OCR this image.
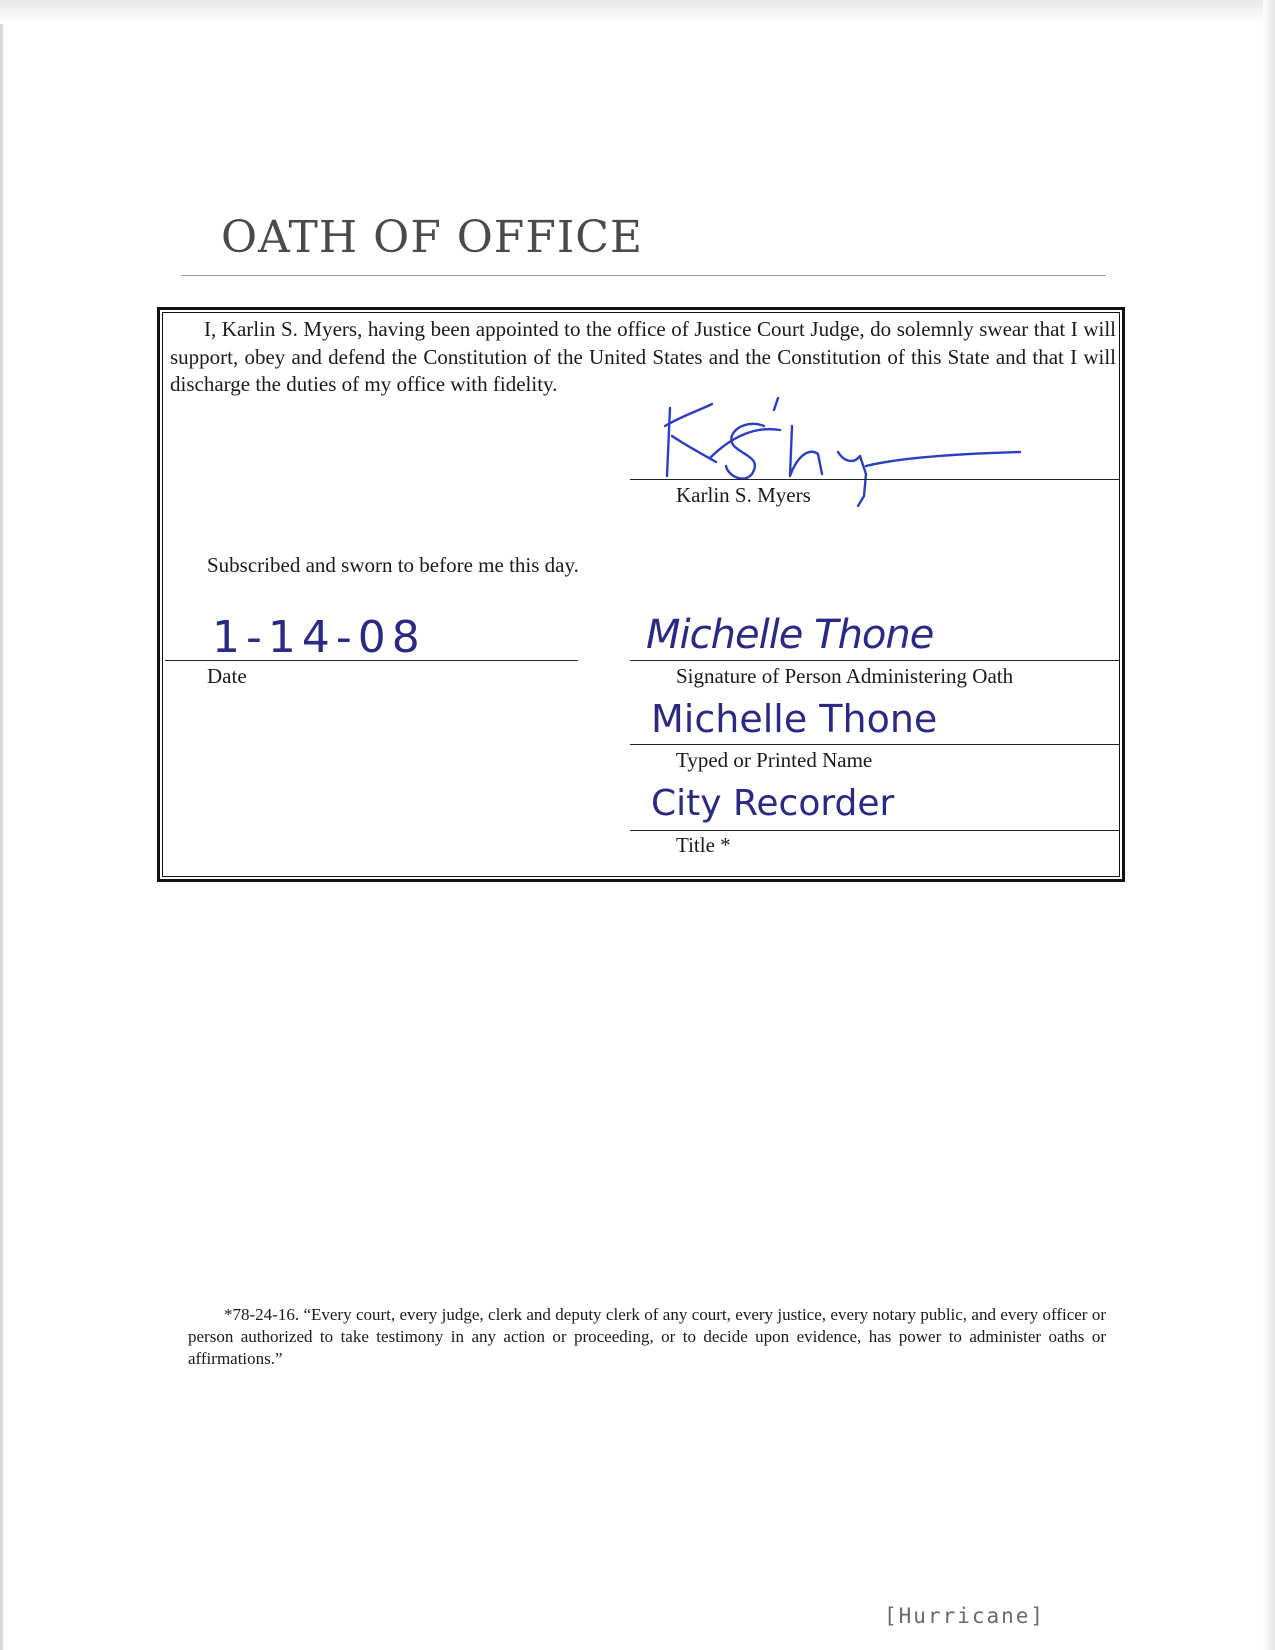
OATH OF OFFICE

I, Karlin S. Myers, having been appointed to the office of Justice Court Judge, do solemnly swear that I will support, obey and defend the Constitution of the United States and the Constitution of this State and that I will discharge the duties of my office with fidelity.

Karlin S. Myers
Subscribed and sworn to before me this day.
1-14-08
Date
Michelle Thone
Signature of Person Administering Oath
Michelle Thone
Typed or Printed Name
City Recorder
Title *

*78-24-16. “Every court, every judge, clerk and deputy clerk of any court, every justice, every notary public, and every officer or person authorized to take testimony in any action or proceeding, or to decide upon evidence, has power to administer oaths or affirmations.”

[Hurricane]
